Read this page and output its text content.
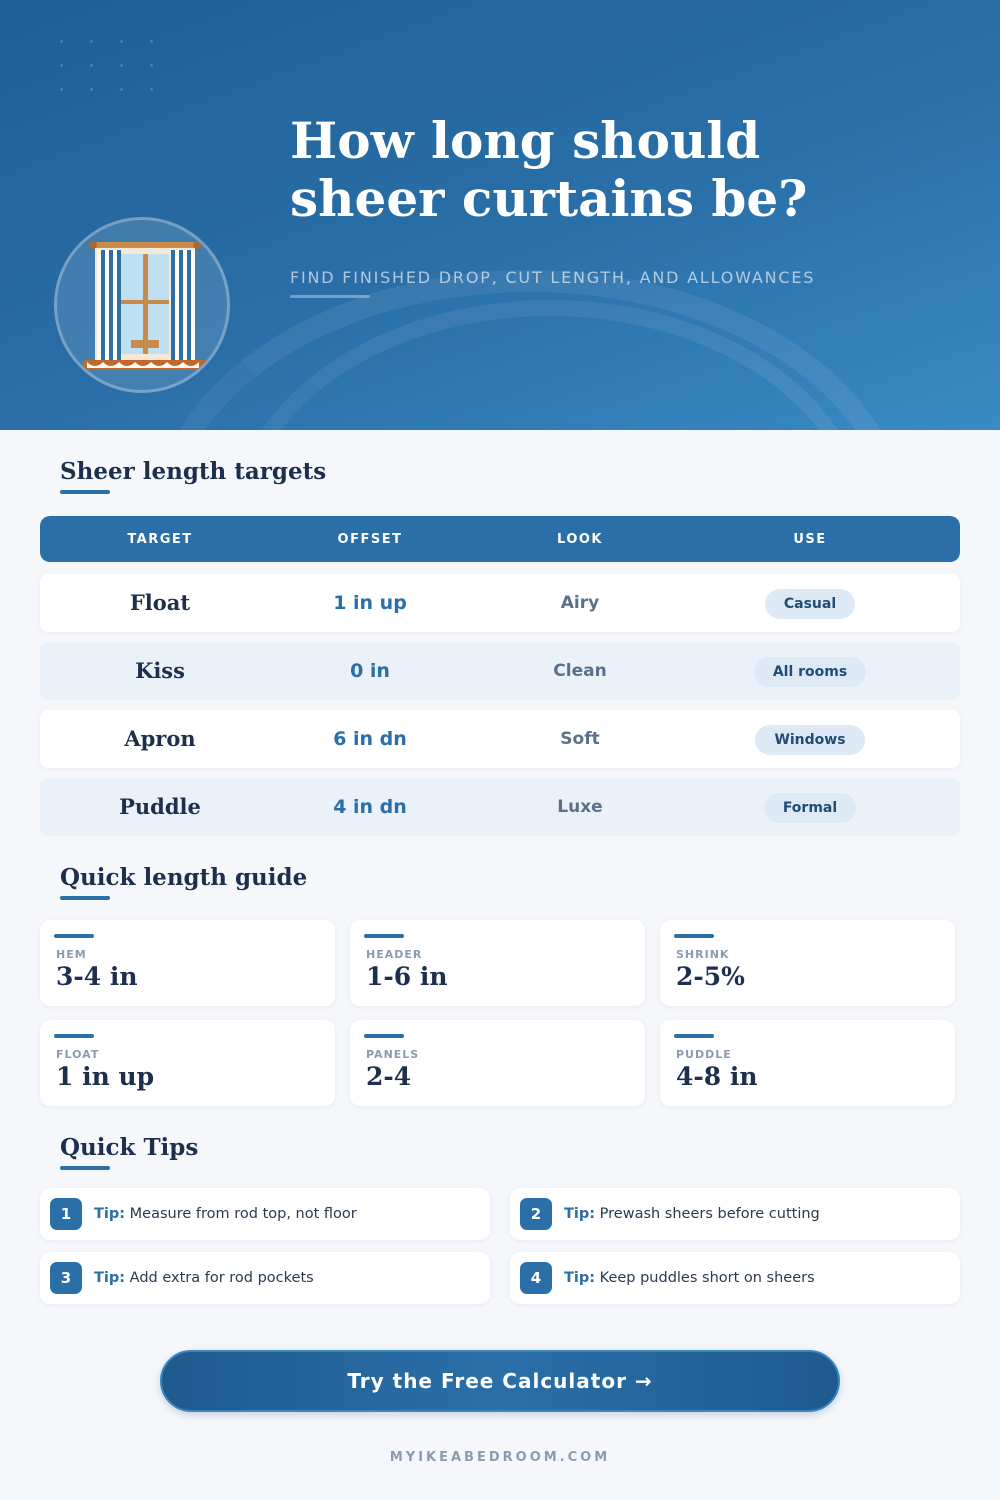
How long should sheer curtains be?
FIND FINISHED DROP, CUT LENGTH, AND ALLOWANCES
Sheer length targets
TARGET	OFFSET	LOOK	USE
Float	1 in up	Airy	Casual
Kiss	0 in	Clean	All rooms
Apron	6 in dn	Soft	Windows
Puddle	4 in dn	Luxe	Formal
Quick length guide
HEM
3-4 in
HEADER
1-6 in
SHRINK
2-5%
FLOAT
1 in up
PANELS
2-4
PUDDLE
4-8 in
Quick Tips
1	Tip: Measure from rod top, not floor	2	Tip: Prewash sheers before cutting
3	Tip: Add extra for rod pockets	4	Tip: Keep puddles short on sheers
Try the Free Calculator →
MYIKEABEDROOM.COM
